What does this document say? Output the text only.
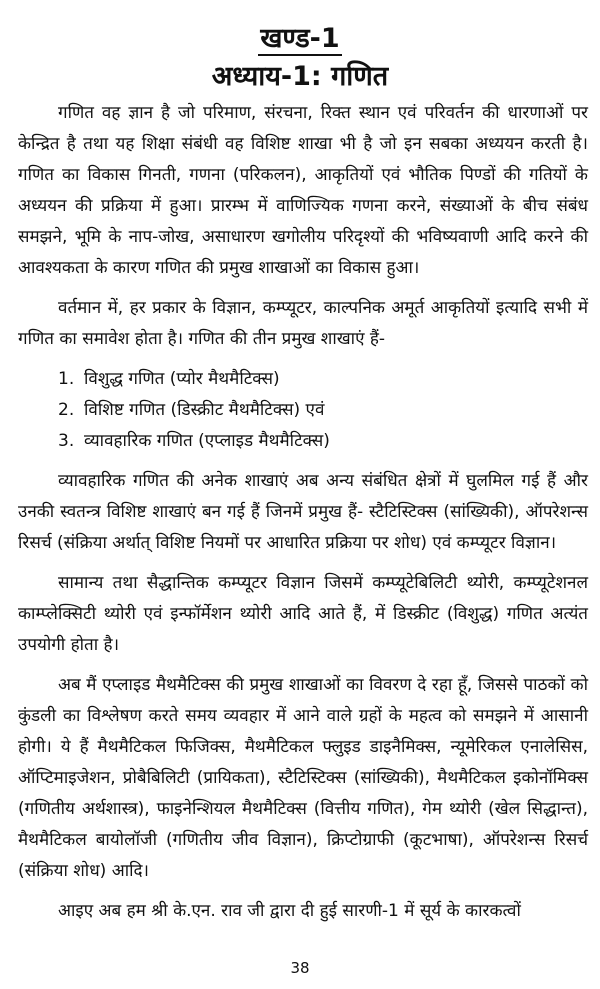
खण्ड-1
अध्याय-1: गणित

गणित वह ज्ञान है जो परिमाण, संरचना, रिक्त स्थान एवं परिवर्तन की धारणाओं पर केन्द्रित है तथा यह शिक्षा संबंधी वह विशिष्ट शाखा भी है जो इन सबका अध्ययन करती है। गणित का विकास गिनती, गणना (परिकलन), आकृतियों एवं भौतिक पिण्डों की गतियों के अध्ययन की प्रक्रिया में हुआ। प्रारम्भ में वाणिज्यिक गणना करने, संख्याओं के बीच संबंध समझने, भूमि के नाप-जोख, असाधारण खगोलीय परिदृश्यों की भविष्यवाणी आदि करने की आवश्यकता के कारण गणित की प्रमुख शाखाओं का विकास हुआ।

वर्तमान में, हर प्रकार के विज्ञान, कम्प्यूटर, काल्पनिक अमूर्त आकृतियों इत्यादि सभी में गणित का समावेश होता है। गणित की तीन प्रमुख शाखाएं हैं-

1. विशुद्ध गणित (प्योर मैथमैटिक्स)
2. विशिष्ट गणित (डिस्क्रीट मैथमैटिक्स) एवं
3. व्यावहारिक गणित (एप्लाइड मैथमैटिक्स)

व्यावहारिक गणित की अनेक शाखाएं अब अन्य संबंधित क्षेत्रों में घुलमिल गई हैं और उनकी स्वतन्त्र विशिष्ट शाखाएं बन गई हैं जिनमें प्रमुख हैं- स्टैटिस्टिक्स (सांख्यिकी), ऑपरेशन्स रिसर्च (संक्रिया अर्थात् विशिष्ट नियमों पर आधारित प्रक्रिया पर शोध) एवं कम्प्यूटर विज्ञान।

सामान्य तथा सैद्धान्तिक कम्प्यूटर विज्ञान जिसमें कम्प्यूटेबिलिटी थ्योरी, कम्प्यूटेशनल काम्प्लेक्सिटी थ्योरी एवं इन्फॉर्मेशन थ्योरी आदि आते हैं, में डिस्क्रीट (विशुद्ध) गणित अत्यंत उपयोगी होता है।

अब मैं एप्लाइड मैथमैटिक्स की प्रमुख शाखाओं का विवरण दे रहा हूँ, जिससे पाठकों को कुंडली का विश्लेषण करते समय व्यवहार में आने वाले ग्रहों के महत्व को समझने में आसानी होगी। ये हैं मैथमैटिकल फिजिक्स, मैथमैटिकल फ्लुइड डाइनैमिक्स, न्यूमेरिकल एनालेसिस, ऑप्टिमाइजेशन, प्रोबैबिलिटी (प्रायिकता), स्टैटिस्टिक्स (सांख्यिकी), मैथमैटिकल इकोनॉमिक्स (गणितीय अर्थशास्त्र), फाइनेन्शियल मैथमैटिक्स (वित्तीय गणित), गेम थ्योरी (खेल सिद्धान्त), मैथमैटिकल बायोलॉजी (गणितीय जीव विज्ञान), क्रिप्टोग्राफी (कूटभाषा), ऑपरेशन्स रिसर्च (संक्रिया शोध) आदि।

आइए अब हम श्री के.एन. राव जी द्वारा दी हुई सारणी-1 में सूर्य के कारकत्वों

38
